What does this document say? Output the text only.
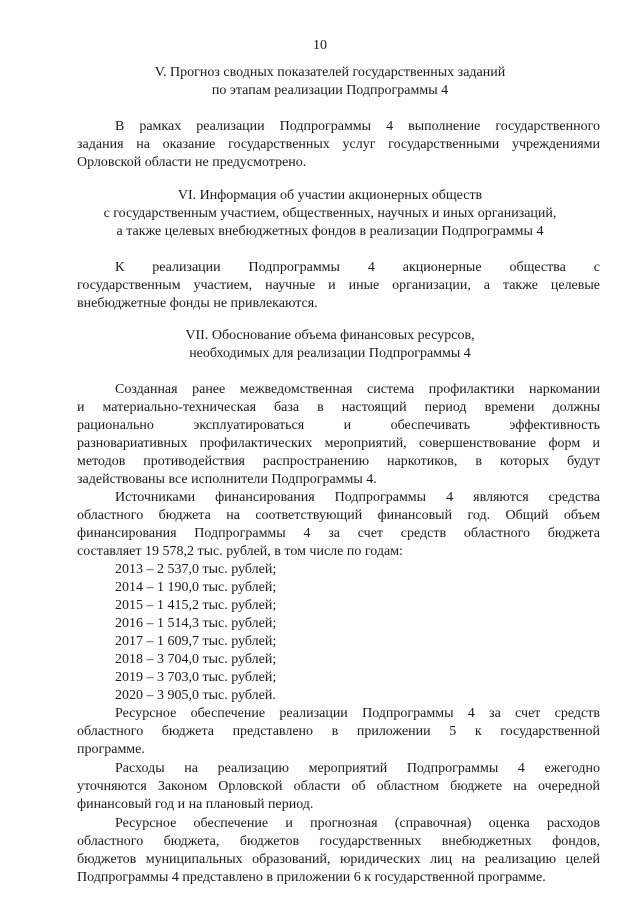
10
V. Прогноз сводных показателей государственных заданий
по этапам реализации Подпрограммы 4
В рамках реализации Подпрограммы 4 выполнение государственного
задания на оказание государственных услуг государственными учреждениями
Орловской области не предусмотрено.
VI. Информация об участии акционерных обществ
с государственным участием, общественных, научных и иных организаций,
а также целевых внебюджетных фондов в реализации Подпрограммы 4
К реализации Подпрограммы 4 акционерные общества с
государственным участием, научные и иные организации, а также целевые
внебюджетные фонды не привлекаются.
VII. Обоснование объема финансовых ресурсов,
необходимых для реализации Подпрограммы 4
Созданная ранее межведомственная система профилактики наркомании
и материально-техническая база в настоящий период времени должны
рационально эксплуатироваться и обеспечивать эффективность
разновариативных профилактических мероприятий, совершенствование форм и
методов противодействия распространению наркотиков, в которых будут
задействованы все исполнители Подпрограммы 4.
Источниками финансирования Подпрограммы 4 являются средства
областного бюджета на соответствующий финансовый год. Общий объем
финансирования Подпрограммы 4 за счет средств областного бюджета
составляет 19 578,2 тыс. рублей, в том числе по годам:
2013 – 2 537,0 тыс. рублей;
2014 – 1 190,0 тыс. рублей;
2015 – 1 415,2 тыс. рублей;
2016 – 1 514,3 тыс. рублей;
2017 – 1 609,7 тыс. рублей;
2018 – 3 704,0 тыс. рублей;
2019 – 3 703,0 тыс. рублей;
2020 – 3 905,0 тыс. рублей.
Ресурсное обеспечение реализации Подпрограммы 4 за счет средств
областного бюджета представлено в приложении 5 к государственной
программе.
Расходы на реализацию мероприятий Подпрограммы 4 ежегодно
уточняются Законом Орловской области об областном бюджете на очередной
финансовый год и на плановый период.
Ресурсное обеспечение и прогнозная (справочная) оценка расходов
областного бюджета, бюджетов государственных внебюджетных фондов,
бюджетов муниципальных образований, юридических лиц на реализацию целей
Подпрограммы 4 представлено в приложении 6 к государственной программе.
